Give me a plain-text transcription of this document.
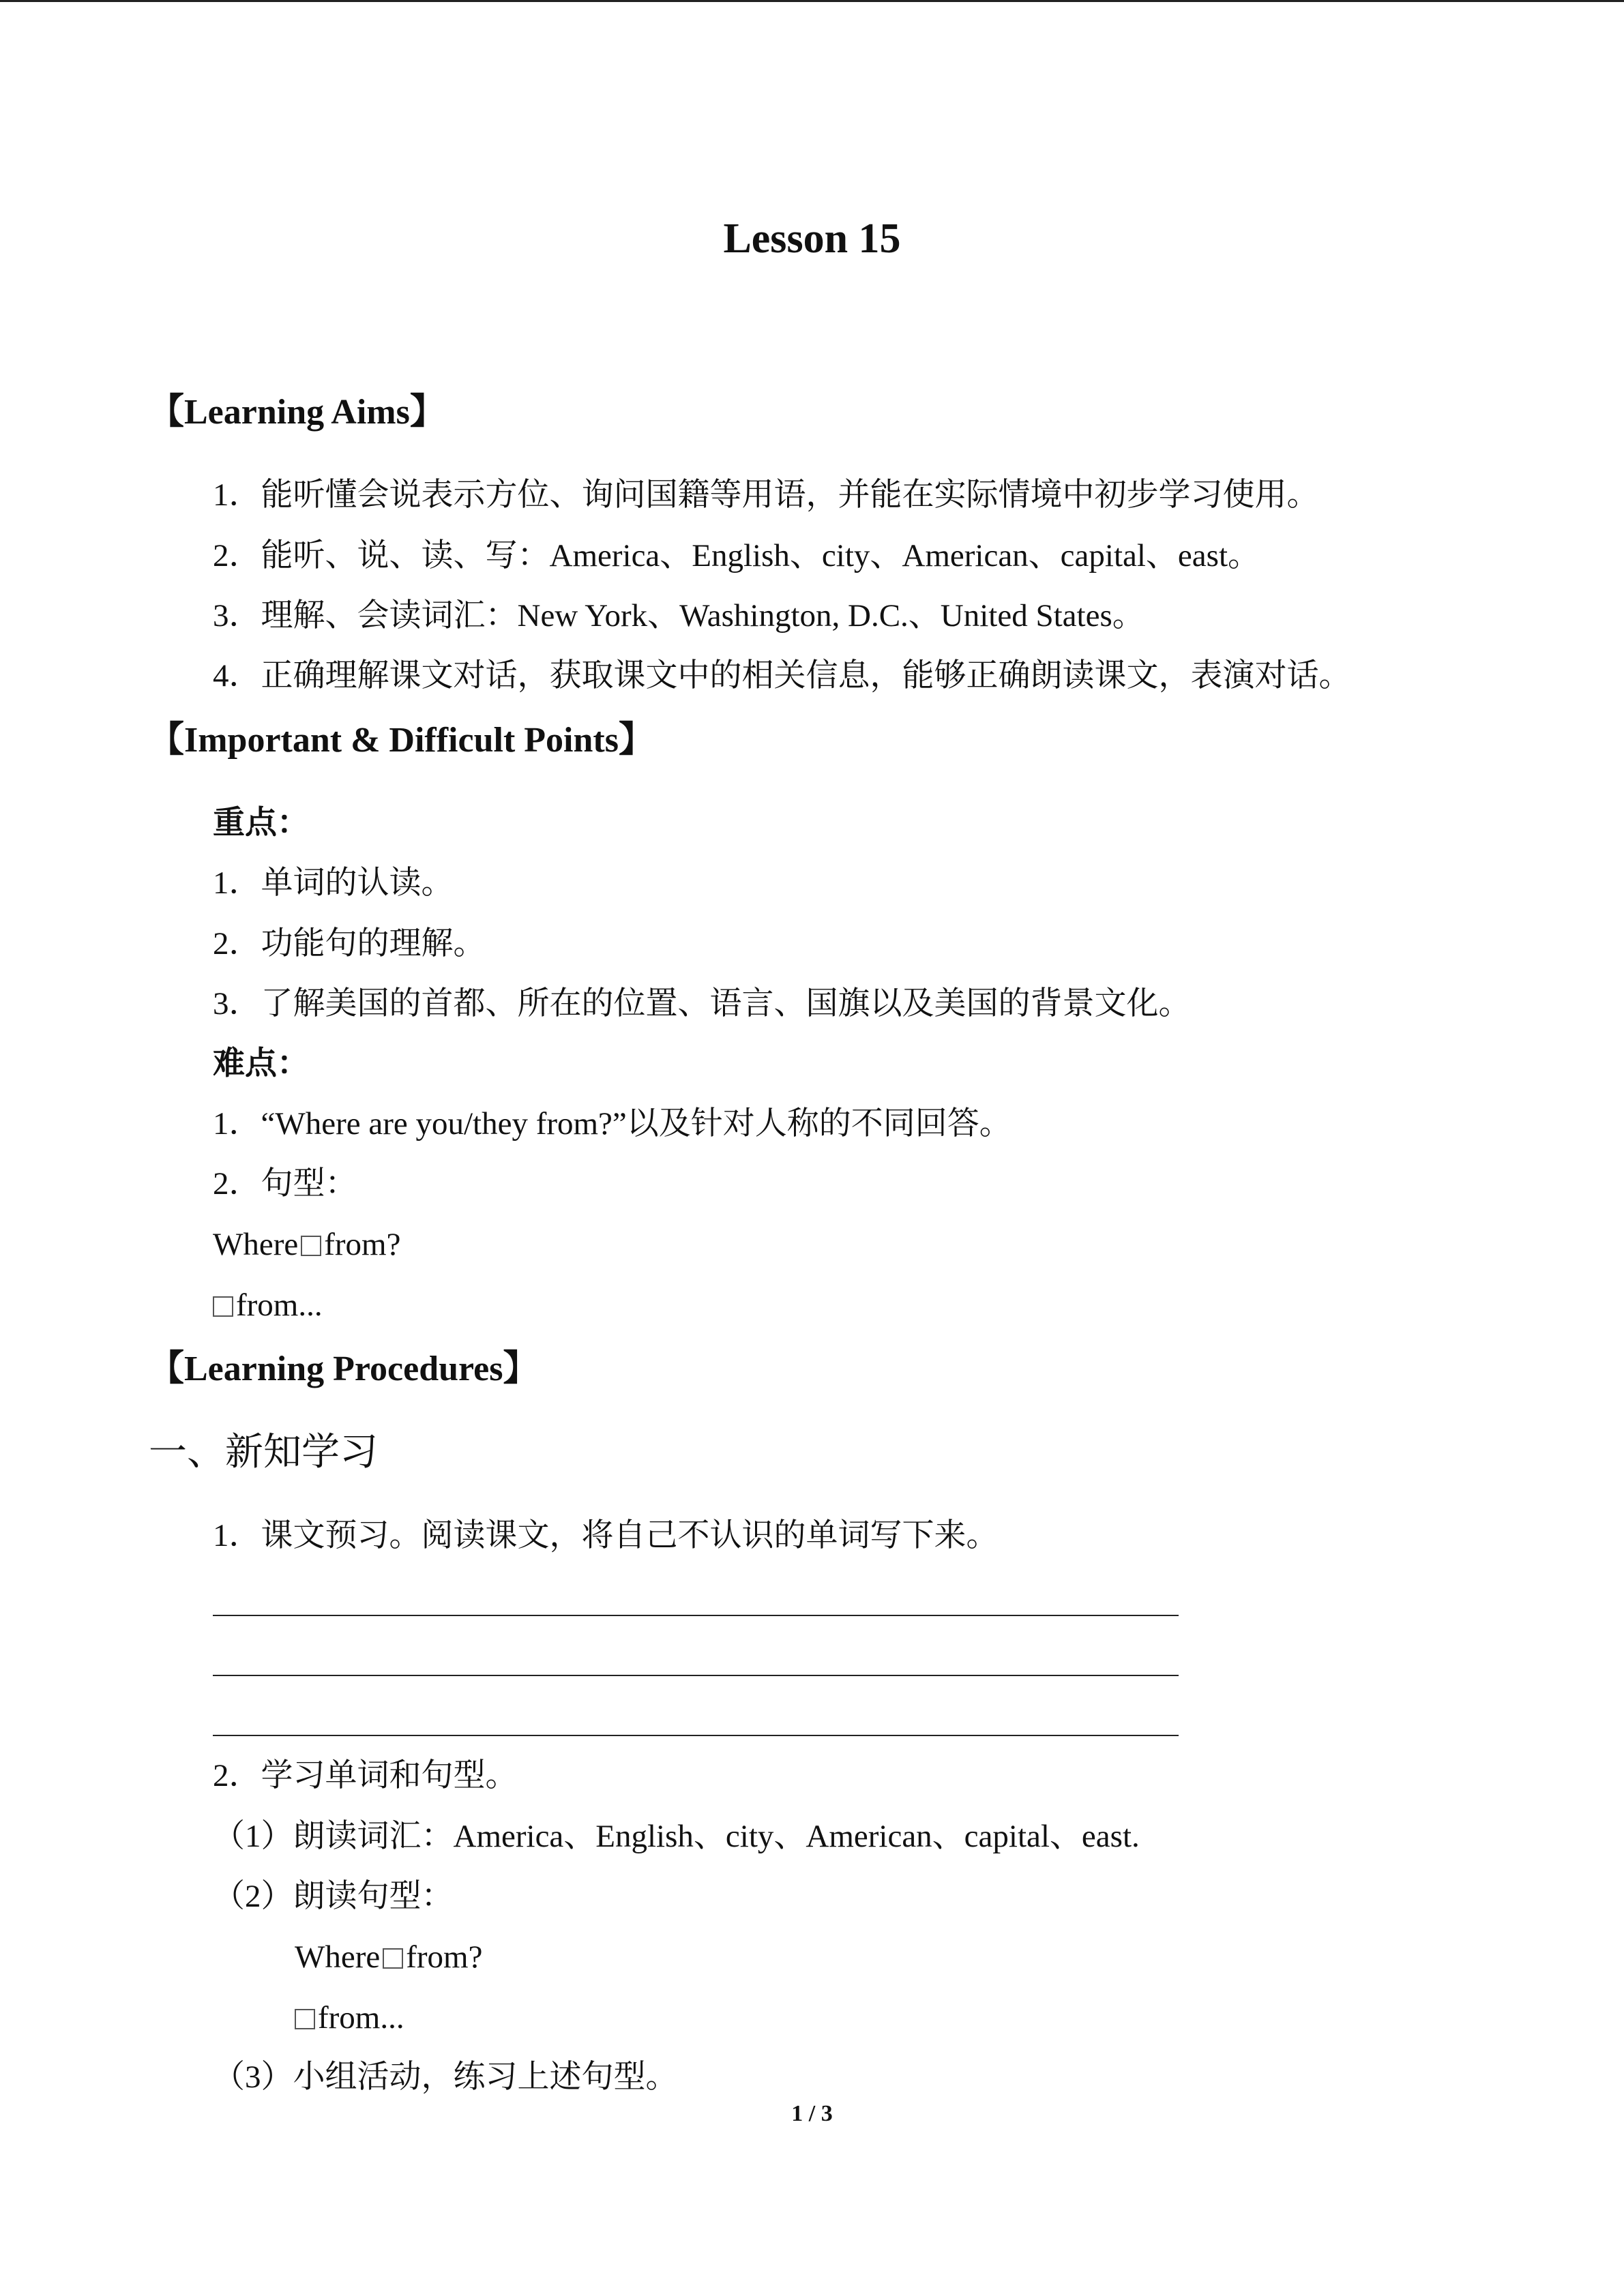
Lesson 15
【Learning Aims】
1．能听懂会说表示方位、询问国籍等用语，并能在实际情境中初步学习使用。
2．能听、说、读、写：America、English、city、American、capital、east。
3．理解、会读词汇：New York、Washington, D.C.、United States。
4．正确理解课文对话，获取课文中的相关信息，能够正确朗读课文，表演对话。
【Important & Difficult Points】
重点：
1．单词的认读。
2．功能句的理解。
3．了解美国的首都、所在的位置、语言、国旗以及美国的背景文化。
难点：
1．“Where are you/they from?”以及针对人称的不同回答。
2．句型：
Where from?
from...
【Learning Procedures】
一、新知学习
1．课文预习。阅读课文，将自己不认识的单词写下来。
2．学习单词和句型。
（1）朗读词汇：America、English、city、American、capital、east.
（2）朗读句型：
Where from?
from...
（3）小组活动，练习上述句型。
1 / 3
